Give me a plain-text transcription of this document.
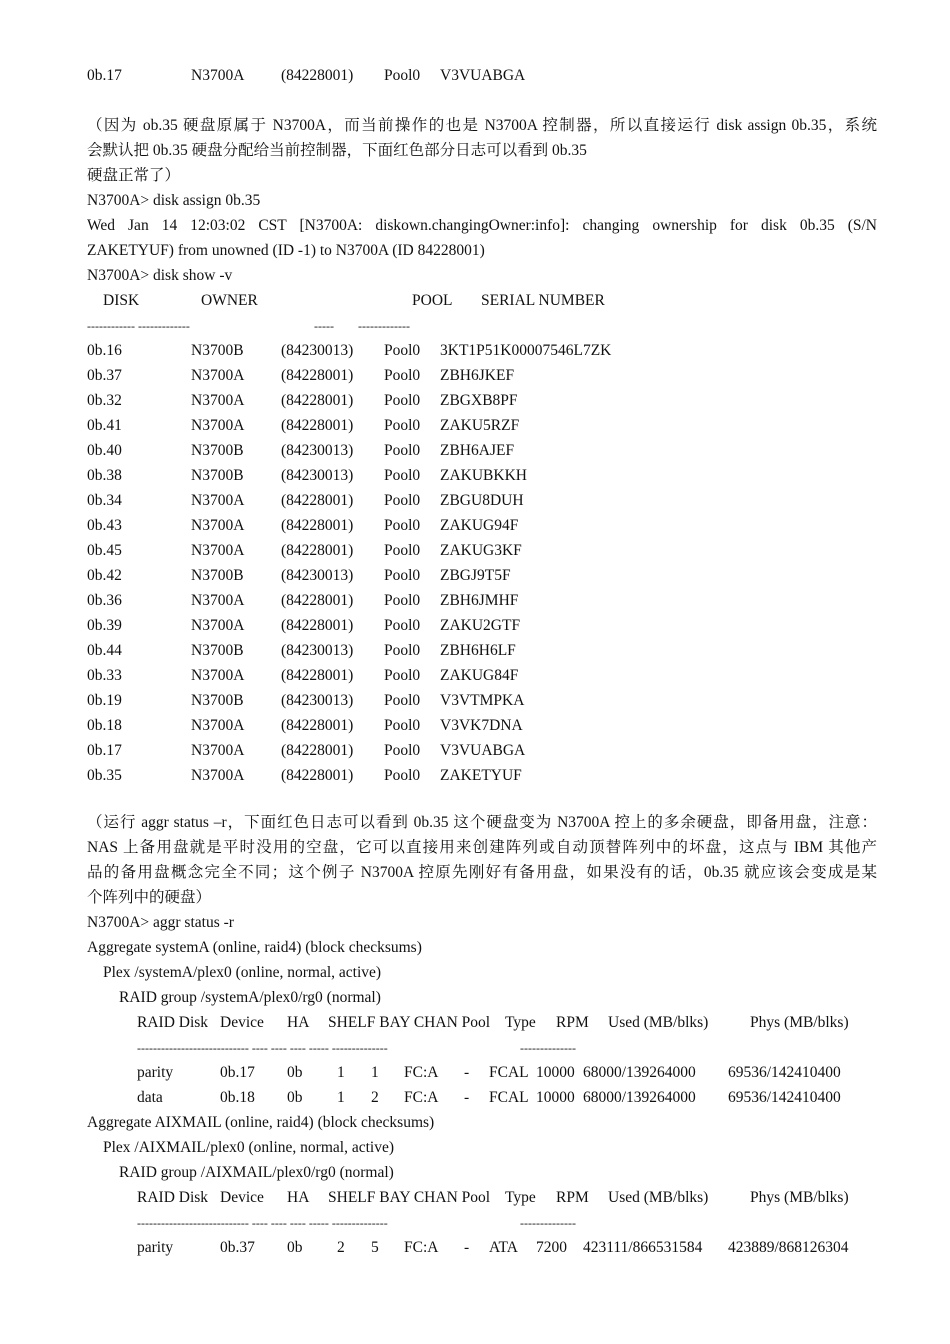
0b.17	N3700A (84228001) Pool0 V3VUABGA
（因为 ob.35 硬盘原属于 N3700A，而当前操作的也是 N3700A 控制器，所以直接运行 disk assign 0b.35，系统
会默认把 0b.35 硬盘分配给当前控制器，下面红色部分日志可以看到 0b.35
硬盘正常了）
N3700A> disk assign 0b.35
Wed Jan 14 12:03:02 CST [N3700A: diskown.changingOwner:info]: changing ownership for disk 0b.35 (S/N
ZAKETYUF) from unowned (ID -1) to N3700A (ID 84228001)
N3700A> disk show -v
DISK	OWNER	POOL SERIAL NUMBER
------------ -------------	----- -------------
0b.16	N3700B (84230013) Pool0 3KT1P51K00007546L7ZK
0b.37	N3700A (84228001) Pool0 ZBH6JKEF
0b.32	N3700A (84228001) Pool0 ZBGXB8PF
0b.41	N3700A (84228001) Pool0 ZAKU5RZF
0b.40	N3700B (84230013) Pool0 ZBH6AJEF
0b.38	N3700B (84230013) Pool0 ZAKUBKKH
0b.34	N3700A (84228001) Pool0 ZBGU8DUH
0b.43	N3700A (84228001) Pool0 ZAKUG94F
0b.45	N3700A (84228001) Pool0 ZAKUG3KF
0b.42	N3700B (84230013) Pool0 ZBGJ9T5F
0b.36	N3700A (84228001) Pool0 ZBH6JMHF
0b.39	N3700A (84228001) Pool0 ZAKU2GTF
0b.44	N3700B (84230013) Pool0 ZBH6H6LF
0b.33	N3700A (84228001) Pool0 ZAKUG84F
0b.19	N3700B (84230013) Pool0 V3VTMPKA
0b.18	N3700A (84228001) Pool0 V3VK7DNA
0b.17	N3700A (84228001) Pool0 V3VUABGA
0b.35	N3700A (84228001) Pool0 ZAKETYUF
（运行 aggr status –r，下面红色日志可以看到 0b.35 这个硬盘变为 N3700A 控上的多余硬盘，即备用盘，注意：
NAS 上备用盘就是平时没用的空盘，它可以直接用来创建阵列或自动顶替阵列中的坏盘，这点与 IBM 其他产
品的备用盘概念完全不同；这个例子 N3700A 控原先刚好有备用盘，如果没有的话，0b.35 就应该会变成是某
个阵列中的硬盘）
N3700A> aggr status -r
Aggregate systemA (online, raid4) (block checksums)
Plex /systemA/plex0 (online, normal, active)
RAID group /systemA/plex0/rg0 (normal)
RAID Disk Device HA SHELF BAY CHAN Pool Type RPM Used (MB/blks)	Phys (MB/blks)
---------------------------- ---- ---- ---- ----- --------------	--------------
parity	0b.17 0b 1 1 FC:A - FCAL 10000 68000/139264000 69536/142410400
data	0b.18 0b 1 2 FC:A - FCAL 10000 68000/139264000 69536/142410400
Aggregate AIXMAIL (online, raid4) (block checksums)
Plex /AIXMAIL/plex0 (online, normal, active)
RAID group /AIXMAIL/plex0/rg0 (normal)
RAID Disk Device HA SHELF BAY CHAN Pool Type RPM Used (MB/blks)	Phys (MB/blks)
---------------------------- ---- ---- ---- ----- --------------	--------------
parity	0b.37 0b 2 5 FC:A - ATA 7200 423111/866531584 423889/868126304
